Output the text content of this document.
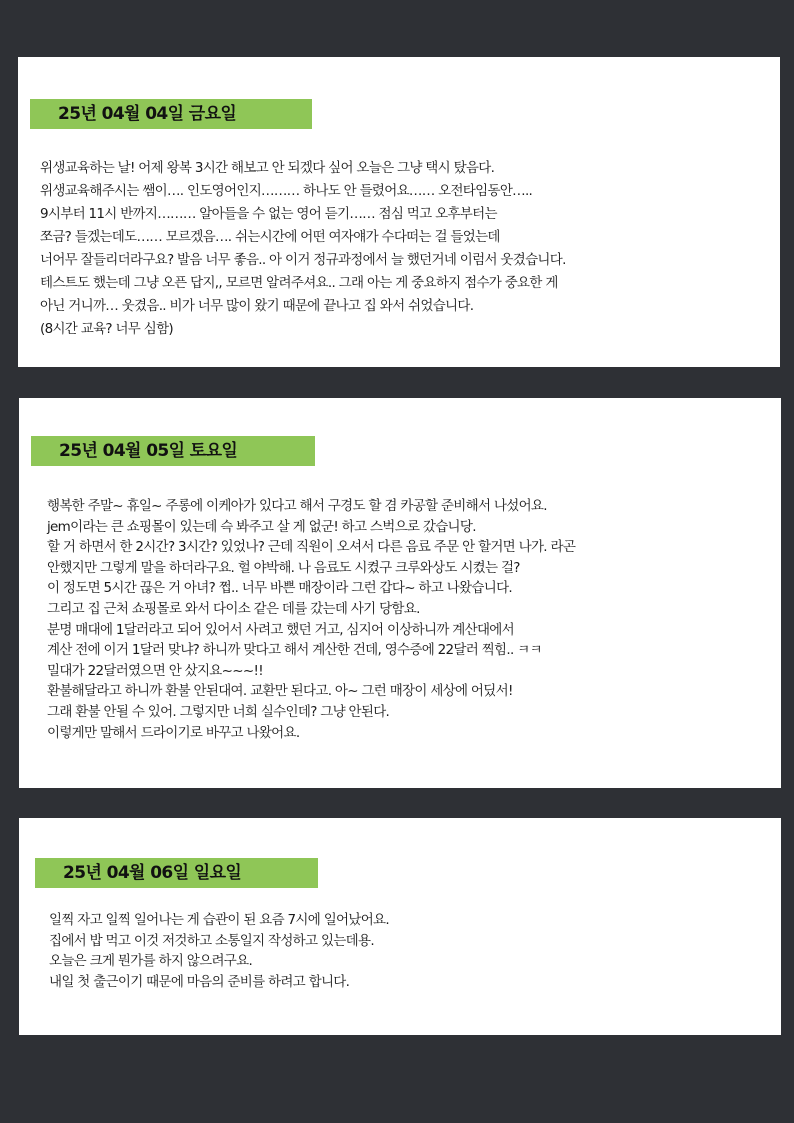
25년 04월 04일 금요일

위생교육하는 날! 어제 왕복 3시간 해보고 안 되겠다 싶어 오늘은 그냥 택시 탔음다.
위생교육해주시는 쌤이…. 인도영어인지……… 하나도 안 들렸어요…… 오전타임동안…..
9시부터 11시 반까지……… 알아들을 수 없는 영어 듣기…… 점심 먹고 오후부터는
쪼금? 들겠는데도…… 모르겠음…. 쉬는시간에 어떤 여자얘가 수다떠는 걸 들었는데
너어무 잘들리더라구요? 발음 너무 좋음.. 아 이거 정규과정에서 늘 했던거네 이럼서 웃겼습니다.
테스트도 했는데 그냥 오픈 답지,, 모르면 알려주셔요.. 그래 아는 게 중요하지 점수가 중요한 게
아닌 거니까… 웃겼음.. 비가 너무 많이 왔기 때문에 끝나고 집 와서 쉬었습니다.
(8시간 교육? 너무 심함)

25년 04월 05일 토요일

행복한 주말~ 휴일~ 주롱에 이케아가 있다고 해서 구경도 할 겸 카공할 준비해서 나섰어요.
jem이라는 큰 쇼핑몰이 있는데 슥 봐주고 살 게 없군! 하고 스벅으로 갔습니당.
할 거 하면서 한 2시간? 3시간? 있었나? 근데 직원이 오셔서 다른 음료 주문 안 할거면 나가. 라곤
안했지만 그렇게 말을 하더라구요. 헐 야박해. 나 음료도 시켰구 크루와상도 시켰는 걸?
이 정도면 5시간 끊은 거 아녀? 쩝.. 너무 바쁜 매장이라 그런 갑다~ 하고 나왔습니다.
그리고 집 근처 쇼핑몰로 와서 다이소 같은 데를 갔는데 사기 당함요.
분명 매대에 1달러라고 되어 있어서 사려고 했던 거고, 심지어 이상하니까 계산대에서
계산 전에 이거 1달러 맞냐? 하니까 맞다고 해서 계산한 건데, 영수증에 22달러 찍힘.. ㅋㅋ
밀대가 22달러였으면 안 샀지요~~~!!
환불해달라고 하니까 환불 안된대여. 교환만 된다고. 아~ 그런 매장이 세상에 어딨서!
그래 환불 안될 수 있어. 그렇지만 너희 실수인데? 그냥 안된다.
이렇게만 말해서 드라이기로 바꾸고 나왔어요.

25년 04월 06일 일요일

일찍 자고 일찍 일어나는 게 습관이 된 요즘 7시에 일어났어요.
집에서 밥 먹고 이것 저것하고 소통일지 작성하고 있는데용.
오늘은 크게 뭔가를 하지 않으려구요.
내일 첫 출근이기 때문에 마음의 준비를 하려고 합니다.
